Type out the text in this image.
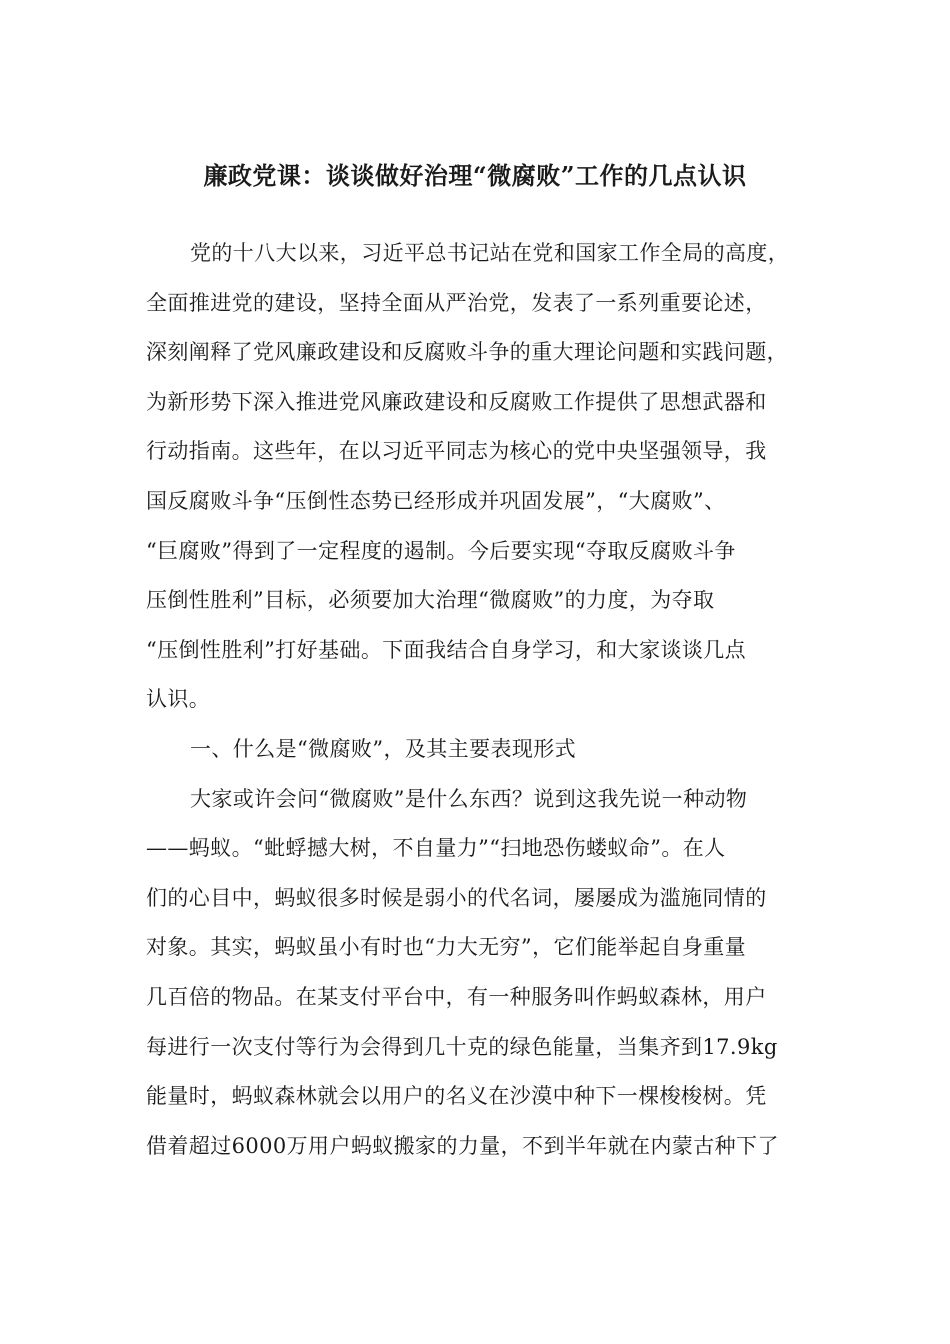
廉政党课：谈谈做好治理“微腐败”工作的几点认识
党的十八大以来，习近平总书记站在党和国家工作全局的高度，
全面推进党的建设，坚持全面从严治党，发表了一系列重要论述，
深刻阐释了党风廉政建设和反腐败斗争的重大理论问题和实践问题，
为新形势下深入推进党风廉政建设和反腐败工作提供了思想武器和
行动指南。这些年，在以习近平同志为核心的党中央坚强领导，我
国反腐败斗争“压倒性态势已经形成并巩固发展”，“大腐败”、
“巨腐败”得到了一定程度的遏制。今后要实现“夺取反腐败斗争
压倒性胜利”目标，必须要加大治理“微腐败”的力度，为夺取
“压倒性胜利”打好基础。下面我结合自身学习，和大家谈谈几点
认识。
一、什么是“微腐败”，及其主要表现形式
大家或许会问“微腐败”是什么东西？说到这我先说一种动物
——蚂蚁。“蚍蜉撼大树，不自量力”“扫地恐伤蝼蚁命”。在人
们的心目中，蚂蚁很多时候是弱小的代名词，屡屡成为滥施同情的
对象。其实，蚂蚁虽小有时也“力大无穷”，它们能举起自身重量
几百倍的物品。在某支付平台中，有一种服务叫作蚂蚁森林，用户
每进行一次支付等行为会得到几十克的绿色能量，当集齐到17.9kg
能量时，蚂蚁森林就会以用户的名义在沙漠中种下一棵梭梭树。凭
借着超过6000万用户蚂蚁搬家的力量，不到半年就在内蒙古种下了
